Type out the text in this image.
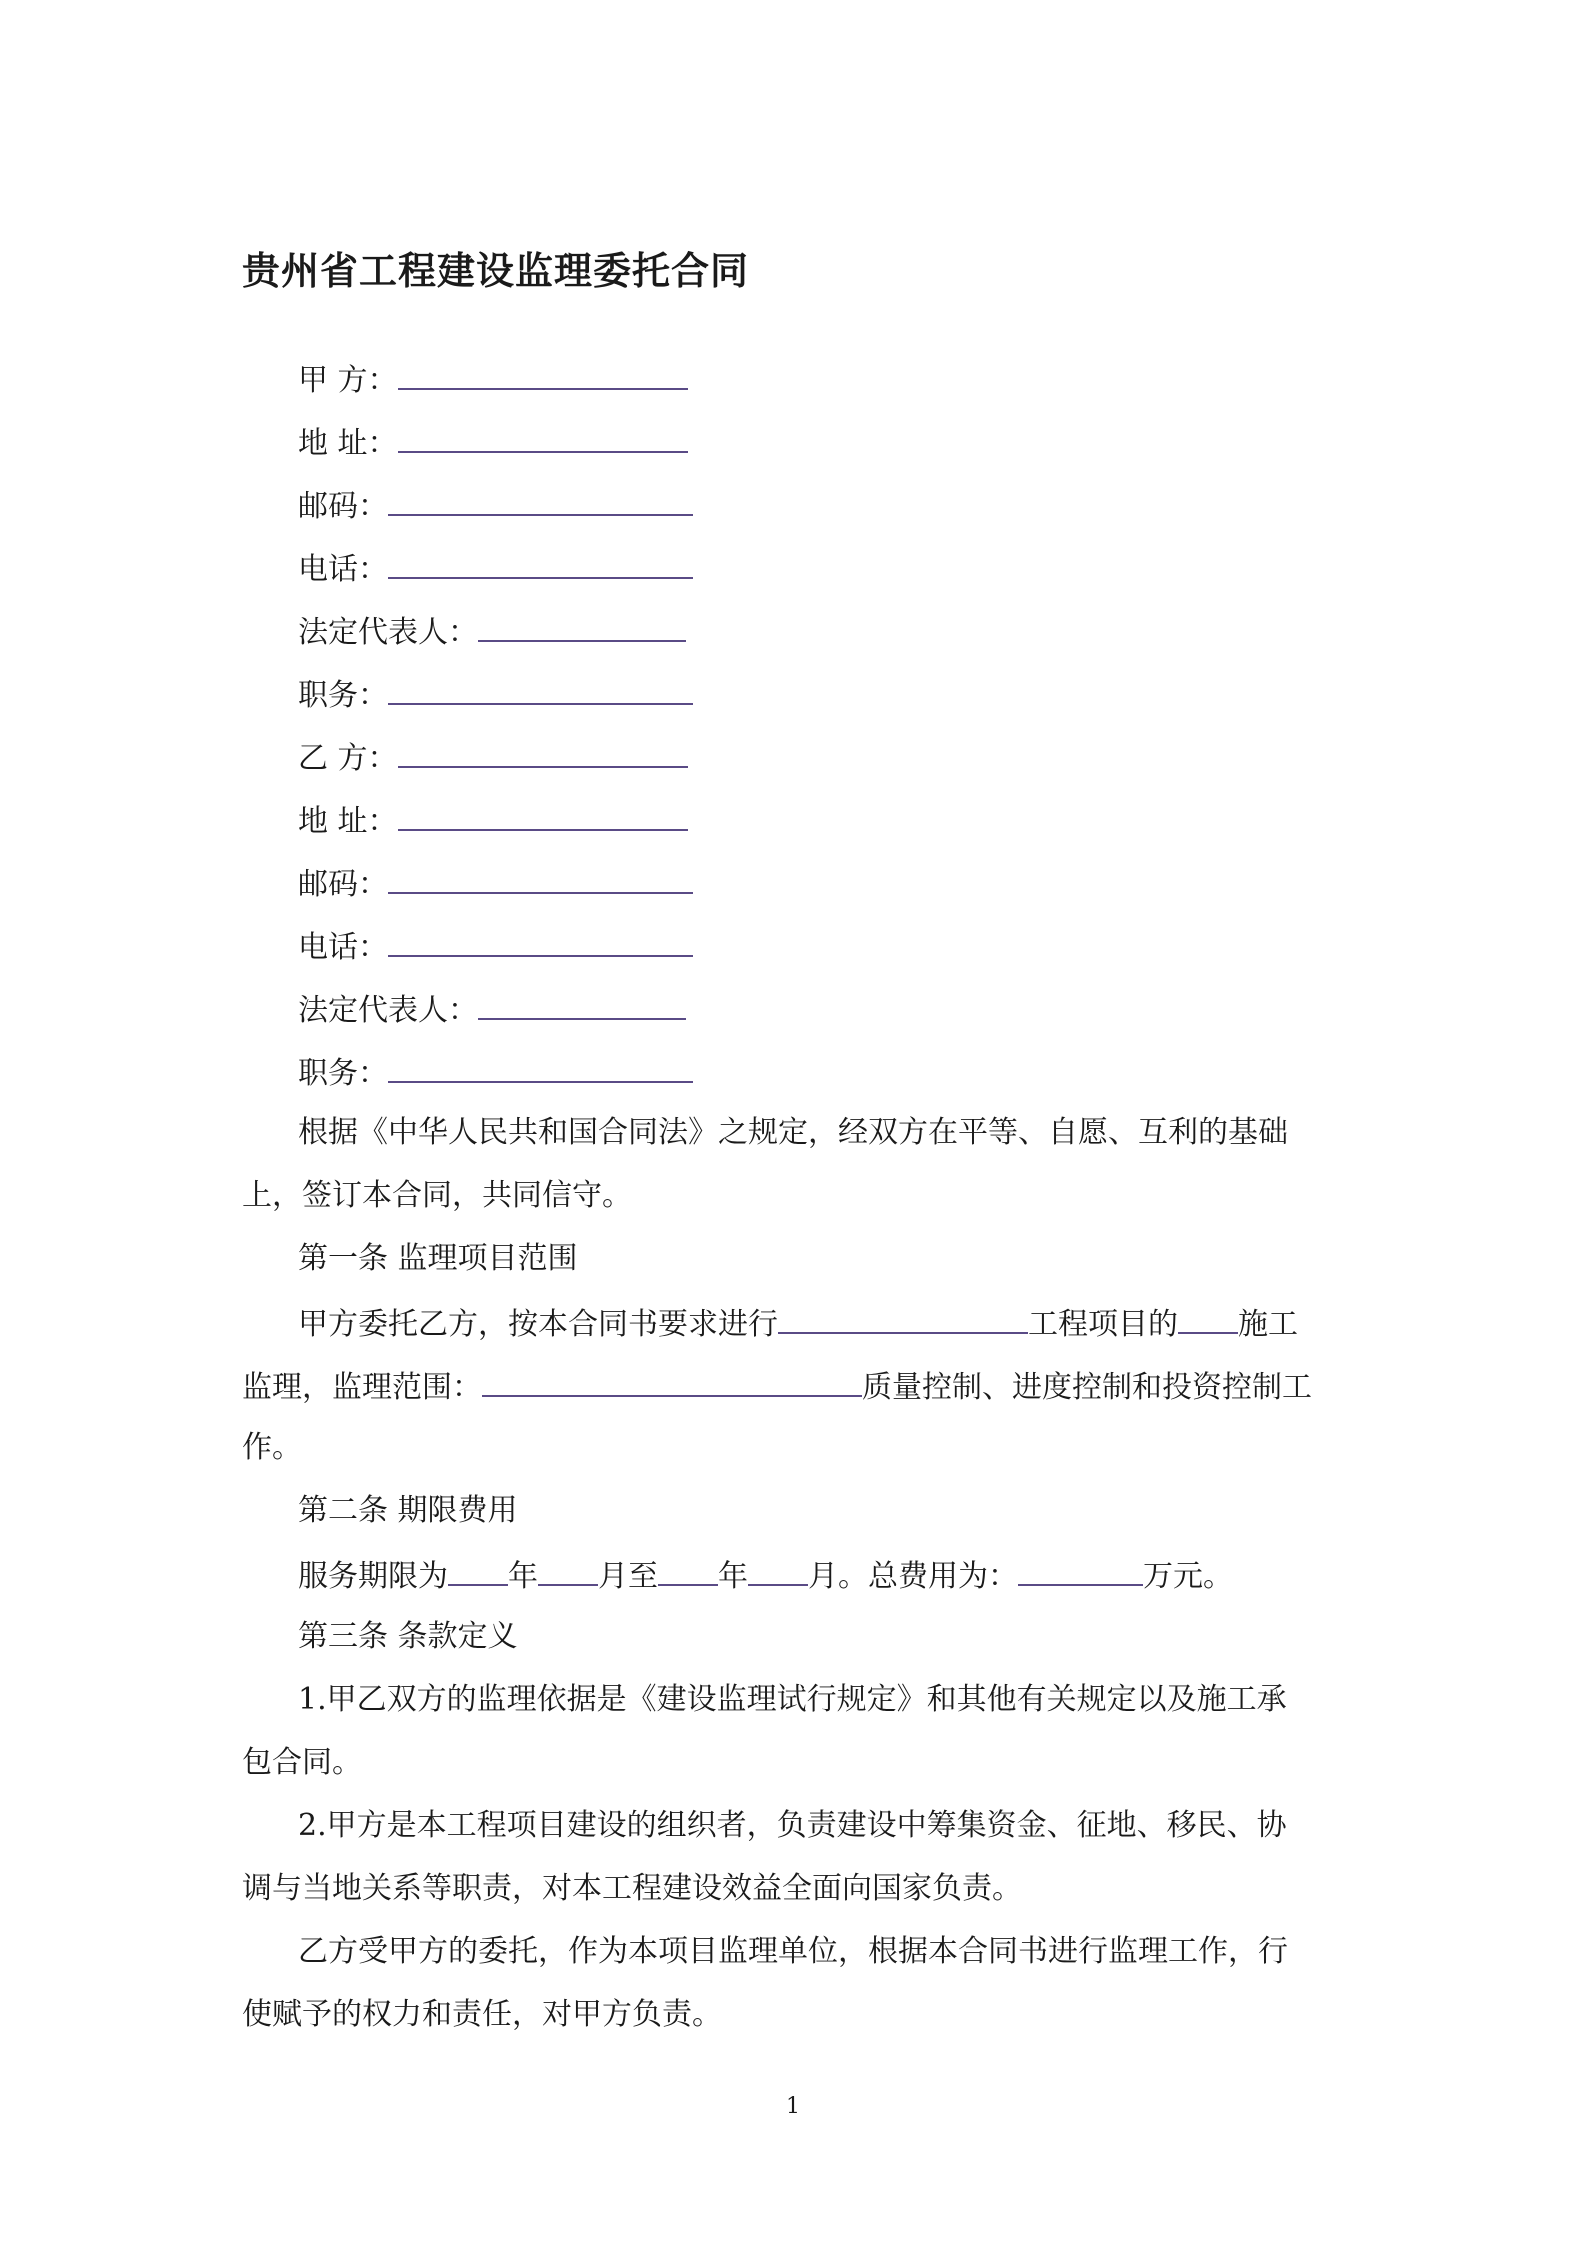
贵州省工程建设监理委托合同
甲 方：
地 址：
邮码：
电话：
法定代表人：
职务：
乙 方：
地 址：
邮码：
电话：
法定代表人：
职务：
根据《中华人民共和国合同法》之规定，经双方在平等、自愿、互利的基础
上，签订本合同，共同信守。
第一条 监理项目范围
甲方委托乙方，按本合同书要求进行	工程项目的 施工
监理，监理范围：	质量控制、进度控制和投资控制工
作。
第二条 期限费用
服务期限为 年 月至 年 月。总费用为：	万元。
第三条 条款定义
1.甲乙双方的监理依据是《建设监理试行规定》和其他有关规定以及施工承
包合同。
2.甲方是本工程项目建设的组织者，负责建设中筹集资金、征地、移民、协
调与当地关系等职责，对本工程建设效益全面向国家负责。
乙方受甲方的委托，作为本项目监理单位，根据本合同书进行监理工作，行
使赋予的权力和责任，对甲方负责。
1
